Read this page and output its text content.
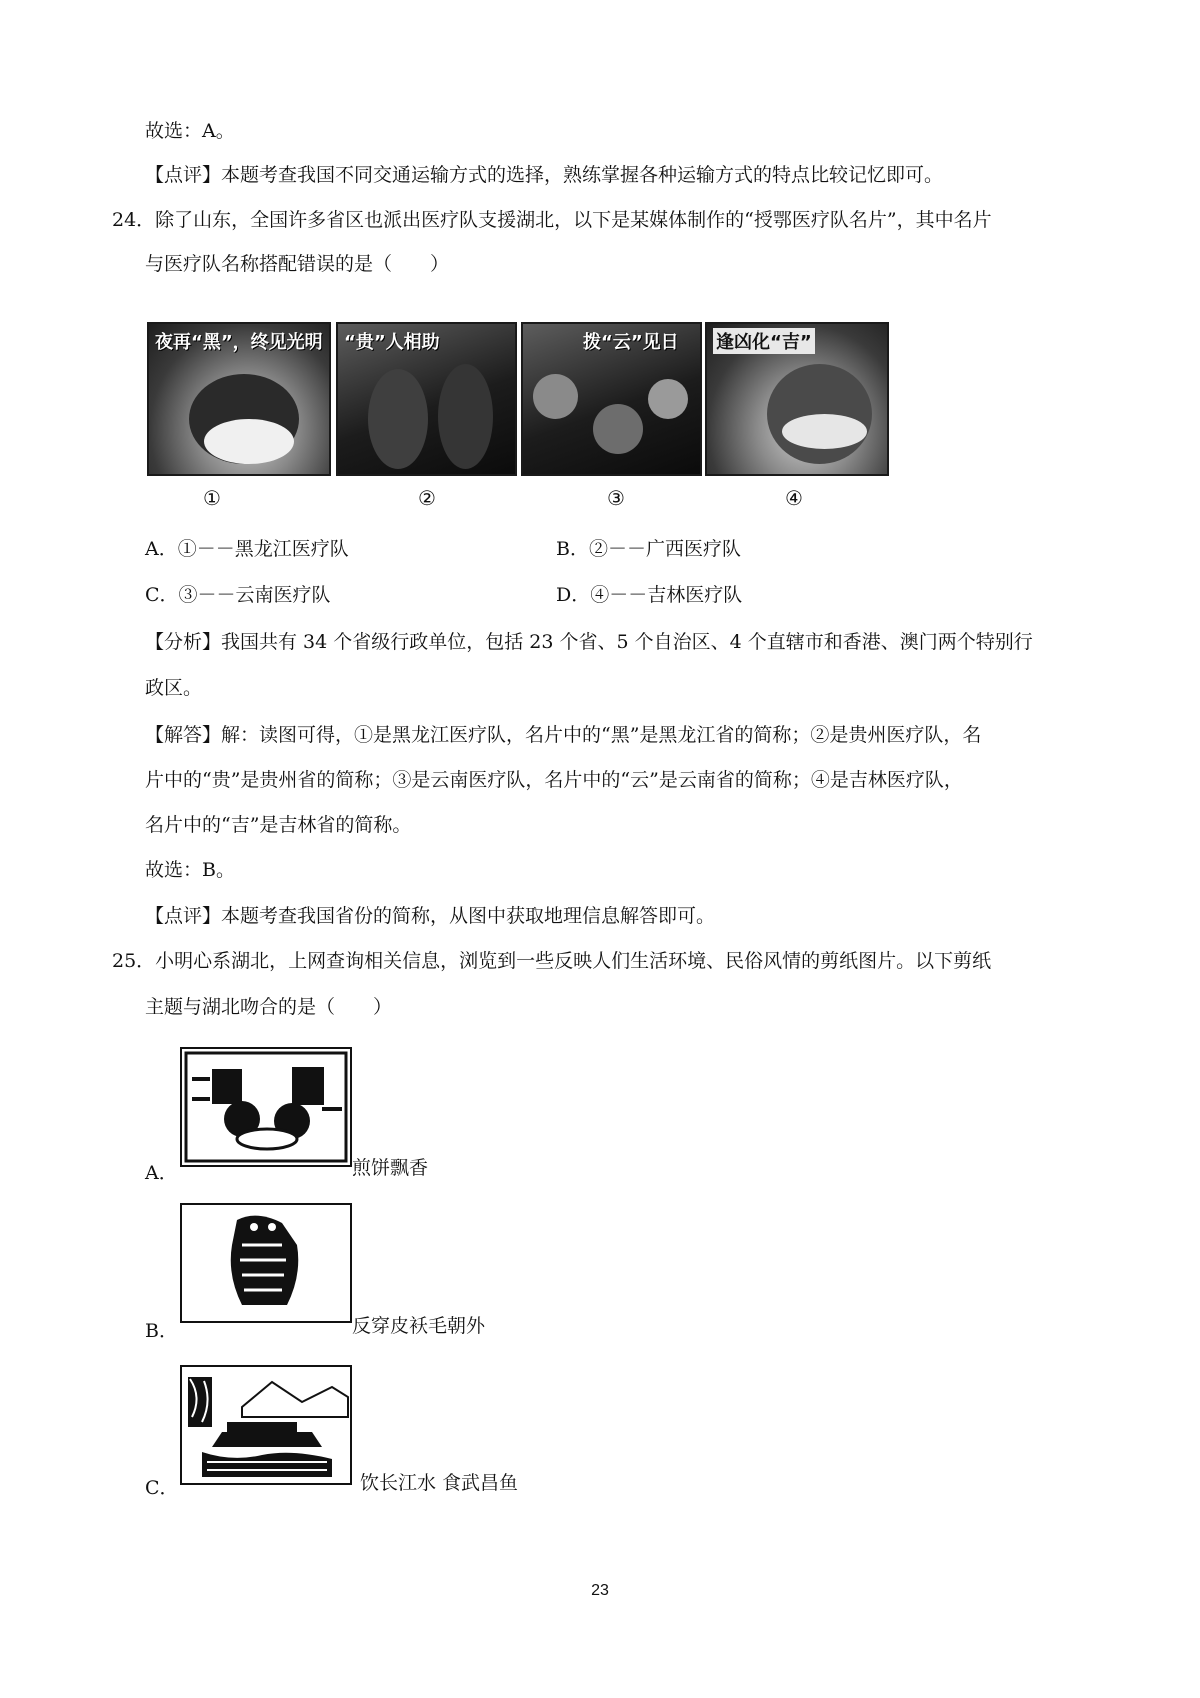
故选：A。
【点评】本题考查我国不同交通运输方式的选择，熟练掌握各种运输方式的特点比较记忆即可。
24．除了山东，全国许多省区也派出医疗队支援湖北，以下是某媒体制作的“授鄂医疗队名片”，其中名片
与医疗队名称搭配错误的是（　　）
夜再“黑”，终见光明 “贵”人相助	拨“云”见日 逢凶化“吉”
①	②	③	④
A．①－－黑龙江医疗队	B．②－－广西医疗队
C．③－－云南医疗队	D．④－－吉林医疗队
【分析】我国共有 34 个省级行政单位，包括 23 个省、5 个自治区、4 个直辖市和香港、澳门两个特别行
政区。
【解答】解：读图可得，①是黑龙江医疗队，名片中的“黑”是黑龙江省的简称；②是贵州医疗队，名
片中的“贵”是贵州省的简称；③是云南医疗队，名片中的“云”是云南省的简称；④是吉林医疗队，
名片中的“吉”是吉林省的简称。
故选：B。
【点评】本题考查我国省份的简称，从图中获取地理信息解答即可。
25．小明心系湖北，上网查询相关信息，浏览到一些反映人们生活环境、民俗风情的剪纸图片。以下剪纸
主题与湖北吻合的是（　　）
A．	煎饼飘香
B．	反穿皮袄毛朝外
C．	饮长江水 食武昌鱼
23
